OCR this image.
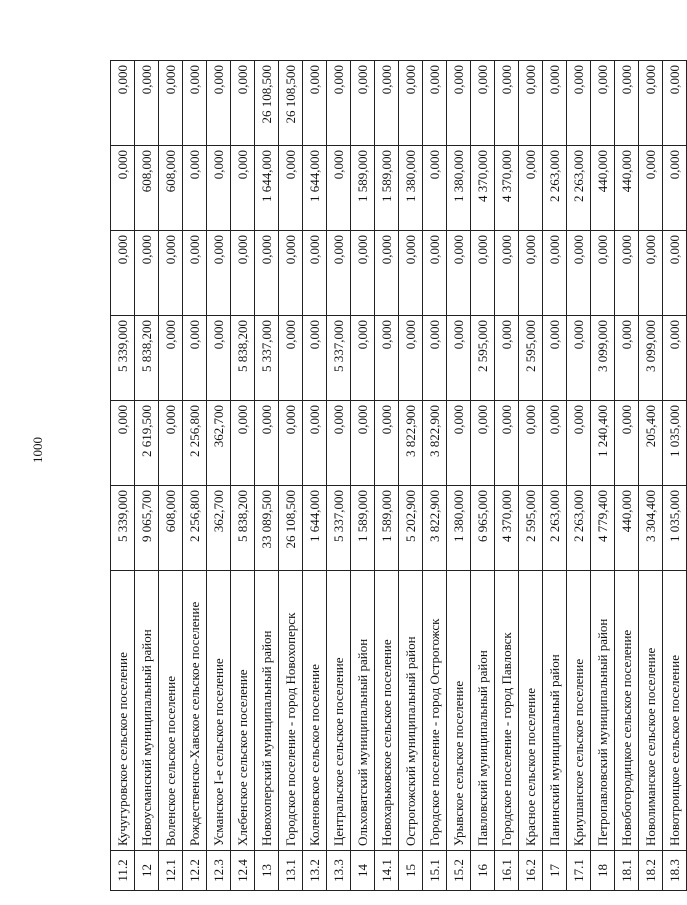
1000
11.2	Кучугуровское сельское поселение	5 339,000	0,000	5 339,000	0,000	0,000	0,000
12	Новоусманский муниципальный район	9 065,700	2 619,500	5 838,200	0,000	608,000	0,000
12.1	Воленское сельское поселение	608,000	0,000	0,000	0,000	608,000	0,000
12.2	Рождественско-Хавское сельское поселение	2 256,800	2 256,800	0,000	0,000	0,000	0,000
12.3	Усманское I-е сельское поселение	362,700	362,700	0,000	0,000	0,000	0,000
12.4	Хлебенское сельское поселение	5 838,200	0,000	5 838,200	0,000	0,000	0,000
13	Новохоперский муниципальный район	33 089,500	0,000	5 337,000	0,000	1 644,000	26 108,500
13.1	Городское поселение - город Новохоперск	26 108,500	0,000	0,000	0,000	0,000	26 108,500
13.2	Коленовское сельское поселение	1 644,000	0,000	0,000	0,000	1 644,000	0,000
13.3	Центральское сельское поселение	5 337,000	0,000	5 337,000	0,000	0,000	0,000
14	Ольховатский муниципальный район	1 589,000	0,000	0,000	0,000	1 589,000	0,000
14.1	Новохарьковское сельское поселение	1 589,000	0,000	0,000	0,000	1 589,000	0,000
15	Острогожский муниципальный район	5 202,900	3 822,900	0,000	0,000	1 380,000	0,000
15.1	Городское поселение - город Острогожск	3 822,900	3 822,900	0,000	0,000	0,000	0,000
15.2	Урывское сельское поселение	1 380,000	0,000	0,000	0,000	1 380,000	0,000
16	Павловский муниципальный район	6 965,000	0,000	2 595,000	0,000	4 370,000	0,000
16.1	Городское поселение - город Павловск	4 370,000	0,000	0,000	0,000	4 370,000	0,000
16.2	Красное сельское поселение	2 595,000	0,000	2 595,000	0,000	0,000	0,000
17	Панинский муниципальный район	2 263,000	0,000	0,000	0,000	2 263,000	0,000
17.1	Криушанское сельское поселение	2 263,000	0,000	0,000	0,000	2 263,000	0,000
18	Петропавловский муниципальный район	4 779,400	1 240,400	3 099,000	0,000	440,000	0,000
18.1	Новобогородицкое сельское поселение	440,000	0,000	0,000	0,000	440,000	0,000
18.2	Новолиманское сельское поселение	3 304,400	205,400	3 099,000	0,000	0,000	0,000
18.3	Новотроицкое сельское поселение	1 035,000	1 035,000	0,000	0,000	0,000	0,000
